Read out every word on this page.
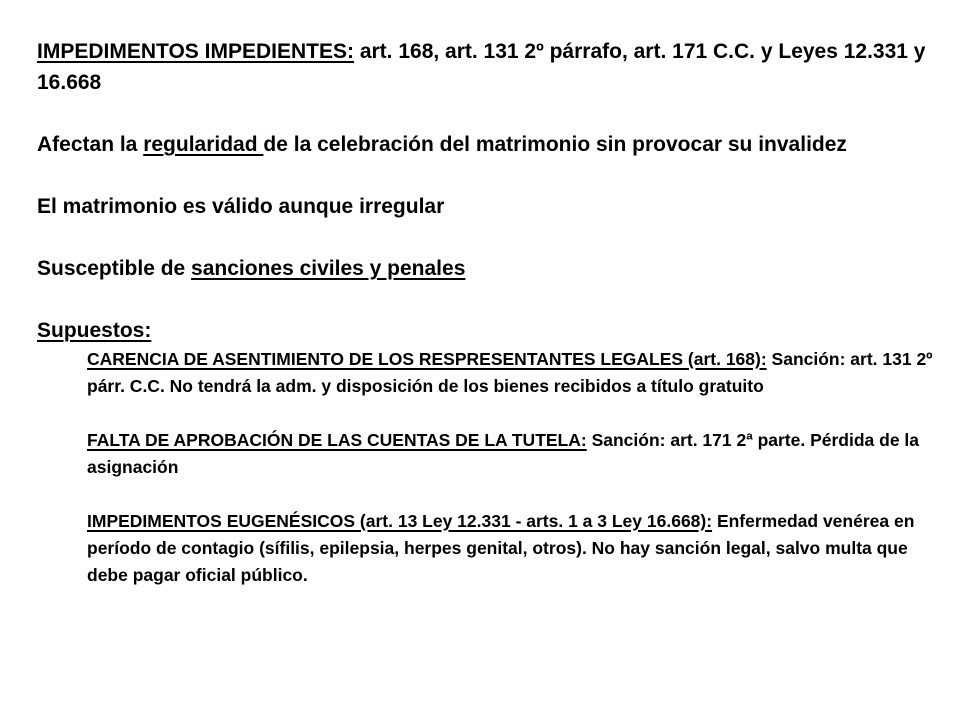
IMPEDIMENTOS IMPEDIENTES: art. 168, art. 131 2º párrafo, art. 171 C.C. y Leyes 12.331 y 16.668

Afectan la regularidad de la celebración del matrimonio sin provocar su invalidez

El matrimonio es válido aunque irregular

Susceptible de sanciones civiles y penales

Supuestos:

CARENCIA DE ASENTIMIENTO DE LOS RESPRESENTANTES LEGALES (art. 168): Sanción: art. 131 2º párr. C.C. No tendrá la adm. y disposición de los bienes recibidos a título gratuito

FALTA DE APROBACIÓN DE LAS CUENTAS DE LA TUTELA: Sanción: art. 171 2ª parte. Pérdida de la asignación

IMPEDIMENTOS EUGENÉSICOS (art. 13 Ley 12.331 - arts. 1 a 3 Ley 16.668): Enfermedad venérea en período de contagio (sífilis, epilepsia, herpes genital, otros). No hay sanción legal, salvo multa que debe pagar oficial público.
